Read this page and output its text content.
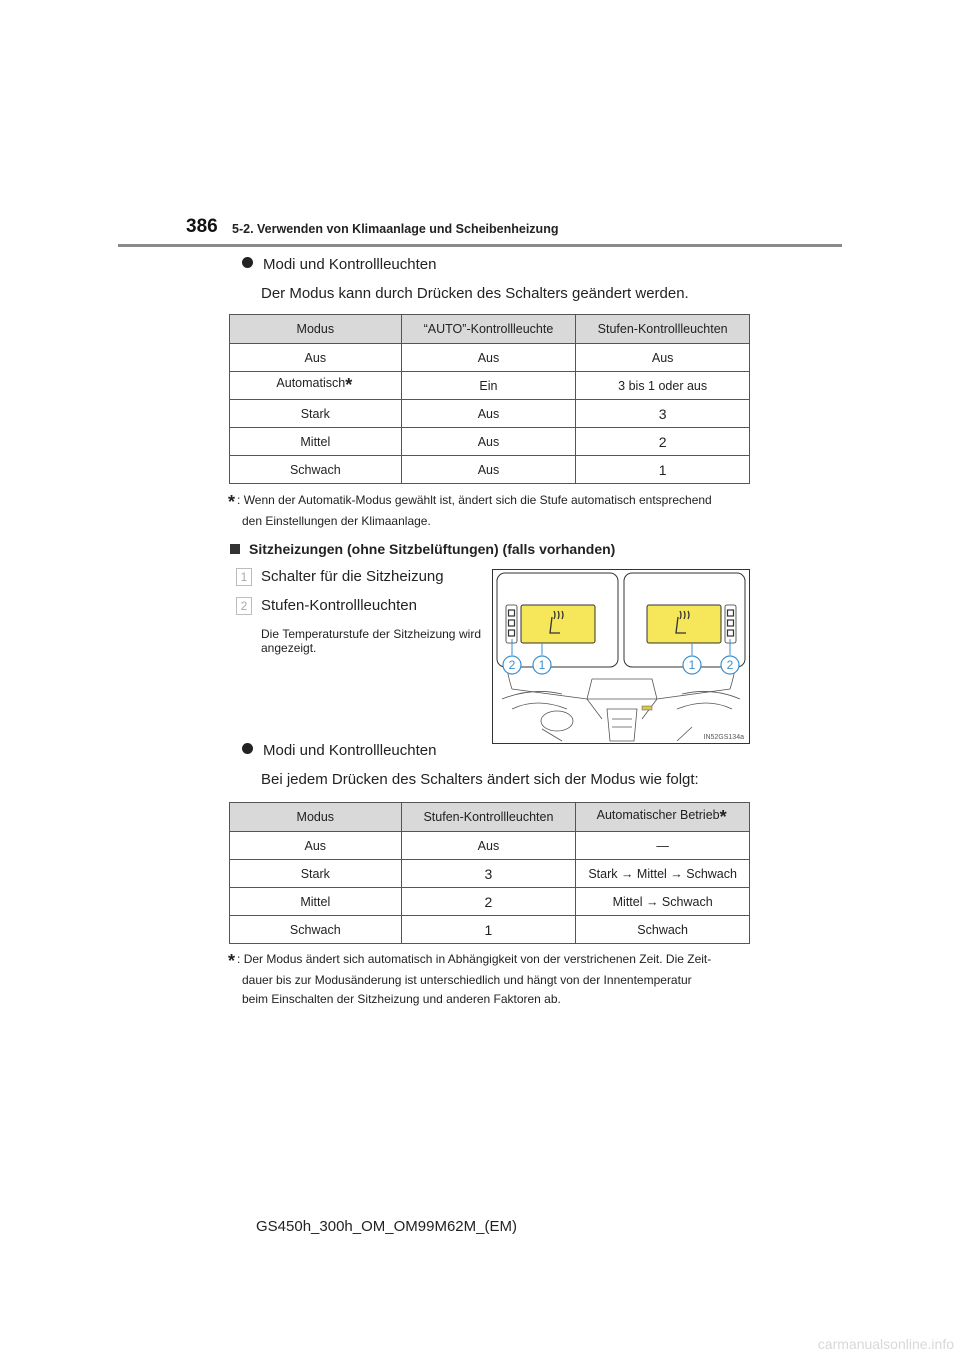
386 5-2. Verwenden von Klimaanlage und Scheibenheizung
Modi und Kontrollleuchten
Der Modus kann durch Drücken des Schalters geändert werden.
Modus	“AUTO”-Kontrollleuchte	Stufen-Kontrollleuchten
Aus	Aus	Aus
Automatisch*	Ein	3 bis 1 oder aus
Stark	Aus	3
Mittel	Aus	2
Schwach	Aus	1
* : Wenn der Automatik-Modus gewählt ist, ändert sich die Stufe automatisch entsprechend
den Einstellungen der Klimaanlage.
Sitzheizungen (ohne Sitzbelüftungen) (falls vorhanden)
1 Schalter für die Sitzheizung
2 Stufen-Kontrollleuchten
Die Temperaturstufe der Sitzheizung wird angezeigt.
2 1	1	2
IN52GS134a
Modi und Kontrollleuchten
Bei jedem Drücken des Schalters ändert sich der Modus wie folgt:
Modus	Stufen-Kontrollleuchten	Automatischer Betrieb*
Aus	Aus	—
Stark	3	Stark → Mittel → Schwach
Mittel	2	Mittel → Schwach
Schwach	1	Schwach
* : Der Modus ändert sich automatisch in Abhängigkeit von der verstrichenen Zeit. Die Zeit-
dauer bis zur Modusänderung ist unterschiedlich und hängt von der Innentemperatur
beim Einschalten der Sitzheizung und anderen Faktoren ab.
GS450h_300h_OM_OM99M62M_(EM)
carmanualsonline.info
